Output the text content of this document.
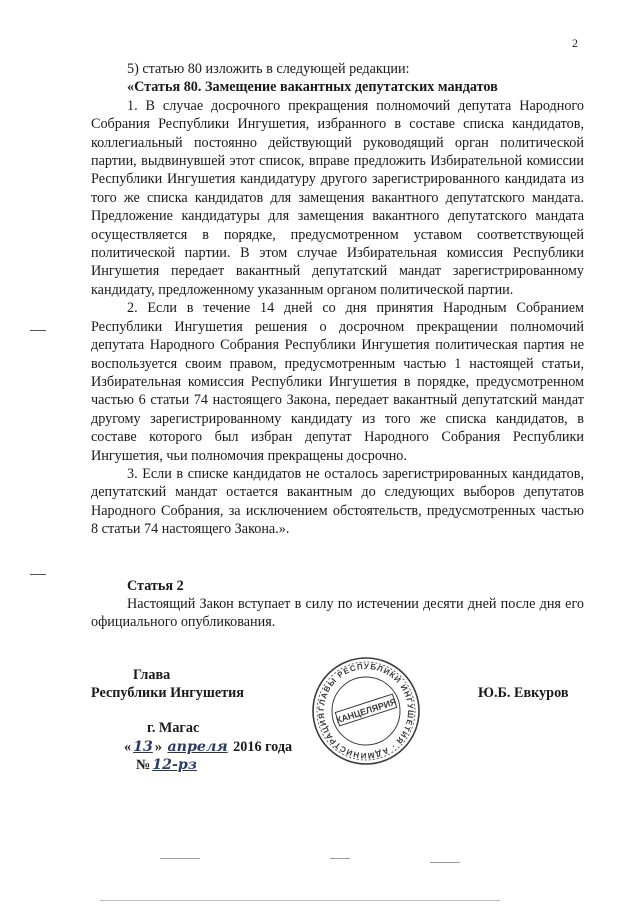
2

5) статью 80 изложить в следующей редакции:

«Статья 80. Замещение вакантных депутатских мандатов

1. В случае досрочного прекращения полномочий депутата Народного Собрания Республики Ингушетия, избранного в составе списка кандидатов, коллегиальный постоянно действующий руководящий орган политической партии, выдвинувшей этот список, вправе предложить Избирательной комиссии Республики Ингушетия кандидатуру другого зарегистрированного кандидата из того же списка кандидатов для замещения вакантного депутатского мандата. Предложение кандидатуры для замещения вакантного депутатского мандата осуществляется в порядке, предусмотренном уставом соответствующей политической партии. В этом случае Избирательная комиссия Республики Ингушетия передает вакантный депутатский мандат зарегистрированному кандидату, предложенному указанным органом политической партии.

2. Если в течение 14 дней со дня принятия Народным Собранием Республики Ингушетия решения о досрочном прекращении полномочий депутата Народного Собрания Республики Ингушетия политическая партия не воспользуется своим правом, предусмотренным частью 1 настоящей статьи, Избирательная комиссия Республики Ингушетия в порядке, предусмотренном частью 6 статьи 74 настоящего Закона, передает вакантный депутатский мандат другому зарегистрированному кандидату из того же списка кандидатов, в составе которого был избран депутат Народного Собрания Республики Ингушетия, чьи полномочия прекращены досрочно.

3. Если в списке кандидатов не осталось зарегистрированных кандидатов, депутатский мандат остается вакантным до следующих выборов депутатов Народного Собрания, за исключением обстоятельств, предусмотренных частью 8 статьи 74 настоящего Закона.».

Статья 2

Настоящий Закон вступает в силу по истечении десяти дней после дня его официального опубликования.

Глава
Республики Ингушетия	Ю.Б. Евкуров
г. Магас
« 13 » апреля 2016 года
№ 12-рз
ГЛАВЫ РЕСПУБЛИКИ ИНГУШЕТИЯ · АДМИНИСТРАЦИЯ КАНЦЕЛЯРИЯ
